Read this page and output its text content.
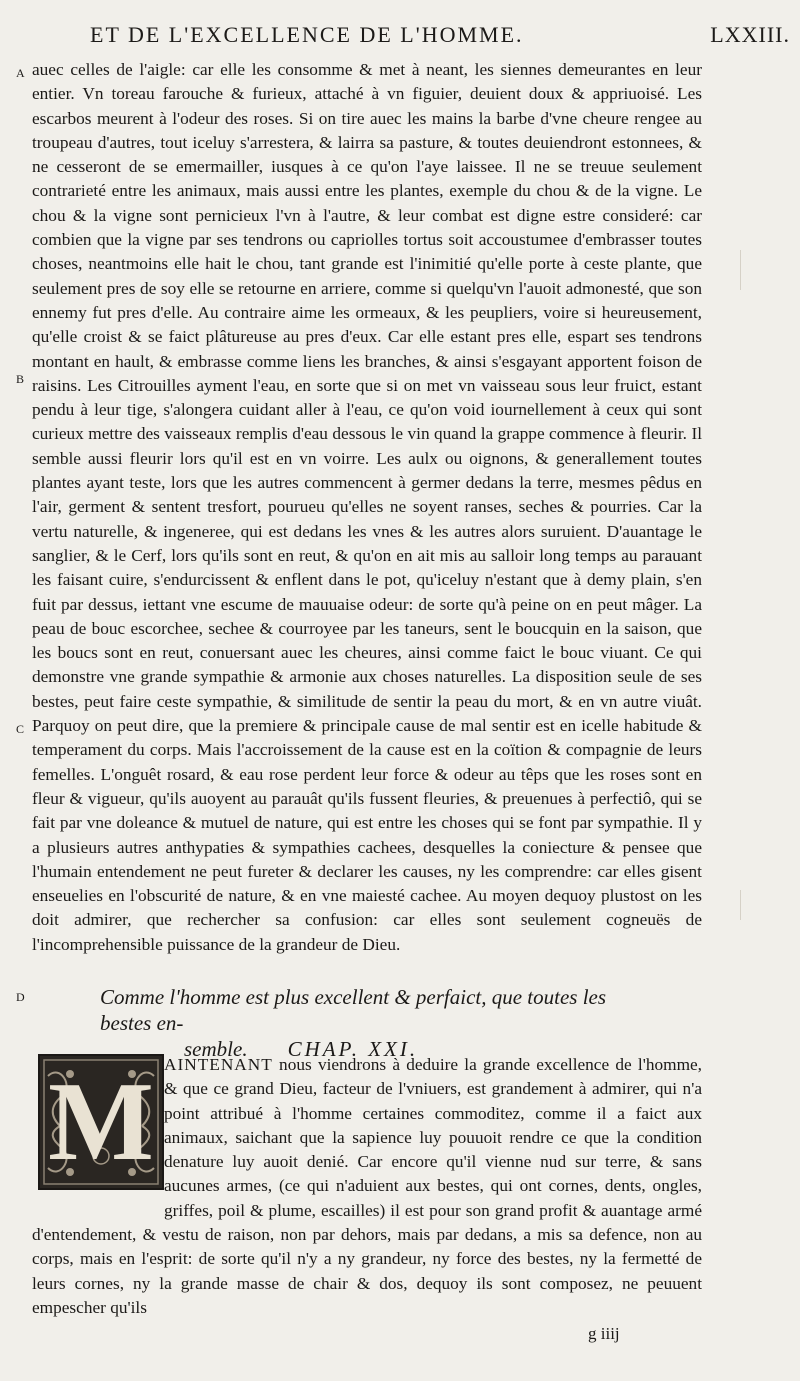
ET DE L'EXCELLENCE DE L'HOMME.	LXXIII.
A
B
C
D
auec celles de l'aigle: car elle les consomme & met à neant, les siennes demeurantes en leur entier. Vn toreau farouche & furieux, attaché à vn figuier, deuient doux & appriuoisé. Les escarbos meurent à l'odeur des roses. Si on tire auec les mains la barbe d'vne cheure rengee au troupeau d'autres, tout iceluy s'arrestera, & lairra sa pasture, & toutes deuiendront estonnees, & ne cesseront de se emermailler, iusques à ce qu'on l'aye laissee. Il ne se treuue seulement contrarieté entre les animaux, mais aussi entre les plantes, exemple du chou & de la vigne. Le chou & la vigne sont pernicieux l'vn à l'autre, & leur combat est digne estre consideré: car combien que la vigne par ses tendrons ou capriolles tortus soit accoustumee d'embrasser toutes choses, neantmoins elle hait le chou, tant grande est l'inimitié qu'elle porte à ceste plante, que seulement pres de soy elle se retourne en arriere, comme si quelqu'vn l'auoit admonesté, que son ennemy fut pres d'elle. Au contraire aime les ormeaux, & les peupliers, voire si heureusement, qu'elle croist & se faict plâtureuse au pres d'eux. Car elle estant pres elle, espart ses tendrons montant en hault, & embrasse comme liens les branches, & ainsi s'esgayant apportent foison de raisins. Les Citrouilles ayment l'eau, en sorte que si on met vn vaisseau sous leur fruict, estant pendu à leur tige, s'alongera cuidant aller à l'eau, ce qu'on void iournellement à ceux qui sont curieux mettre des vaisseaux remplis d'eau dessous le vin quand la grappe commence à fleurir. Il semble aussi fleurir lors qu'il est en vn voirre. Les aulx ou oignons, & generallement toutes plantes ayant teste, lors que les autres commencent à germer dedans la terre, mesmes pêdus en l'air, germent & sentent tresfort, pourueu qu'elles ne soyent ranses, seches & pourries. Car la vertu naturelle, & ingeneree, qui est dedans les vnes & les autres alors suruient. D'auantage le sanglier, & le Cerf, lors qu'ils sont en reut, & qu'on en ait mis au salloir long temps au parauant les faisant cuire, s'endurcissent & enflent dans le pot, qu'iceluy n'estant que à demy plain, s'en fuit par dessus, iettant vne escume de mauuaise odeur: de sorte qu'à peine on en peut mâger. La peau de bouc escorchee, sechee & courroyee par les taneurs, sent le boucquin en la saison, que les boucs sont en reut, conuersant auec les cheures, ainsi comme faict le bouc viuant. Ce qui demonstre vne grande sympathie & armonie aux choses naturelles. La disposition seule de ses bestes, peut faire ceste sympathie, & similitude de sentir la peau du mort, & en vn autre viuât. Parquoy on peut dire, que la premiere & principale cause de mal sentir est en icelle habitude & temperament du corps. Mais l'accroissement de la cause est en la coïtion & compagnie de leurs femelles. L'onguêt rosard, & eau rose perdent leur force & odeur au têps que les roses sont en fleur & vigueur, qu'ils auoyent au parauât qu'ils fussent fleuries, & preuenues à perfectiô, qui se fait par vne doleance & mutuel de nature, qui est entre les choses qui se font par sympathie. Il y a plusieurs autres anthypaties & sympathies cachees, desquelles la coniecture & pensee que l'humain entendement ne peut fureter & declarer les causes, ny les comprendre: car elles gisent enseuelies en l'obscurité de nature, & en vne maiesté cachee. Au moyen dequoy plustost on les doit admirer, que rechercher sa confusion: car elles sont seulement cogneuës de l'incomprehensible puissance de la grandeur de Dieu.
Comme l'homme est plus excellent & perfaict, que toutes les bestes en-
semble. CHAP. XXI.
M AINTENANT nous viendrons à deduire la grande excellence de l'homme, & que ce grand Dieu, facteur de l'vniuers, est grandement à admirer, qui n'a point attribué à l'homme certaines commoditez, comme il a faict aux animaux, saichant que la sapience luy pouuoit rendre ce que la condition denature luy auoit denié. Car encore qu'il vienne nud sur terre, & sans aucunes armes, (ce qui n'aduient aux bestes, qui ont cornes, dents, ongles, griffes, poil & plume, escailles) il est pour son grand profit & auantage armé d'entendement, & vestu de raison, non par dehors, mais par dedans, a mis sa defence, non au corps, mais en l'esprit: de sorte qu'il n'y a ny grandeur, ny force des bestes, ny la fermetté de leurs cornes, ny la grande masse de chair & dos, dequoy ils sont composez, ne peuuent empescher qu'ils
g iiij
